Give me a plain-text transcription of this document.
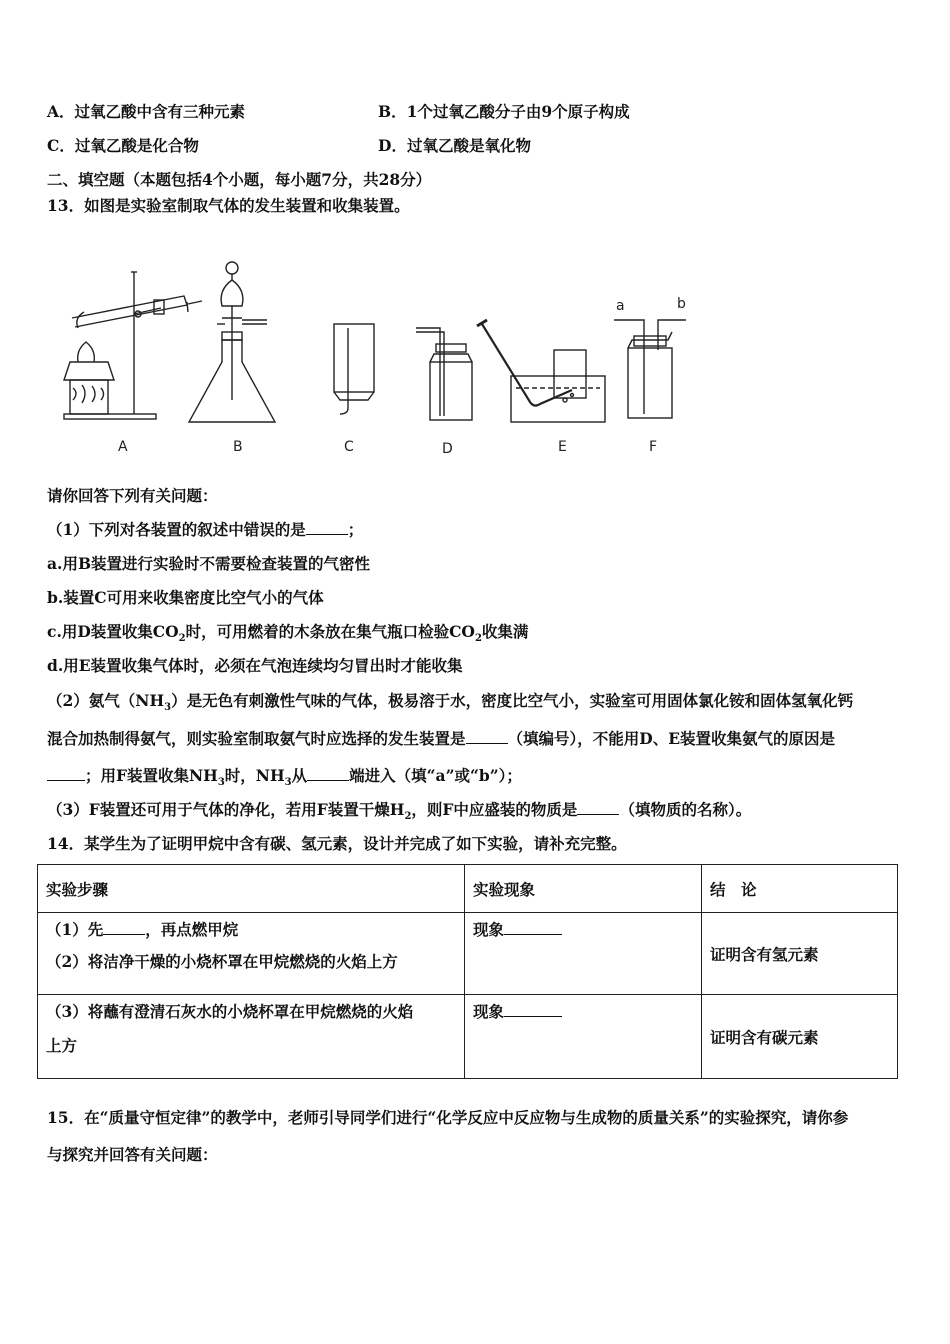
A．过氧乙酸中含有三种元素	B．1个过氧乙酸分子由9个原子构成
C．过氧乙酸是化合物	D．过氧乙酸是氧化物
二、填空题（本题包括4个小题，每小题7分，共28分）
13．如图是实验室制取气体的发生装置和收集装置。
A	B	C	D	E	F
a	b
请你回答下列有关问题：
（1）下列对各装置的叙述中错误的是	；
a.用B装置进行实验时不需要检查装置的气密性
b.装置C可用来收集密度比空气小的气体
c.用D装置收集$CO_2$时，可用燃着的木条放在集气瓶口检验$CO_2$收集满
d.用E装置收集气体时，必须在气泡连续均匀冒出时才能收集
（2）氨气$(NH_3)$是无色有刺激性气味的气体，极易溶于水，密度比空气小，实验室可用固体氯化铵和固体氢氧化钙
混合加热制得氨气，则实验室制取氨气时应选择的发生装置是	（填编号），不能用D、E装置收集氨气的原因是
；用F装置收集$NH_3$时，$NH_3$从	端进入（填“a”或“b”）；
（3）F装置还可用于气体的净化，若用F装置干燥$H_2$，则F中应盛装的物质是	（填物质的名称）。
14．某学生为了证明甲烷中含有碳、氢元素，设计并完成了如下实验，请补充完整。
实验步骤	实验现象	结　论

（1）先 ，再点燃甲烷
（2）将洁净干燥的小烧杯罩在甲烷燃烧的火焰上方	现象	证明含有氢元素

（3）将蘸有澄清石灰水的小烧杯罩在甲烷燃烧的火焰
上方	现象	证明含有碳元素
15．在“质量守恒定律”的教学中，老师引导同学们进行“化学反应中反应物与生成物的质量关系”的实验探究，请你参
与探究并回答有关问题：
